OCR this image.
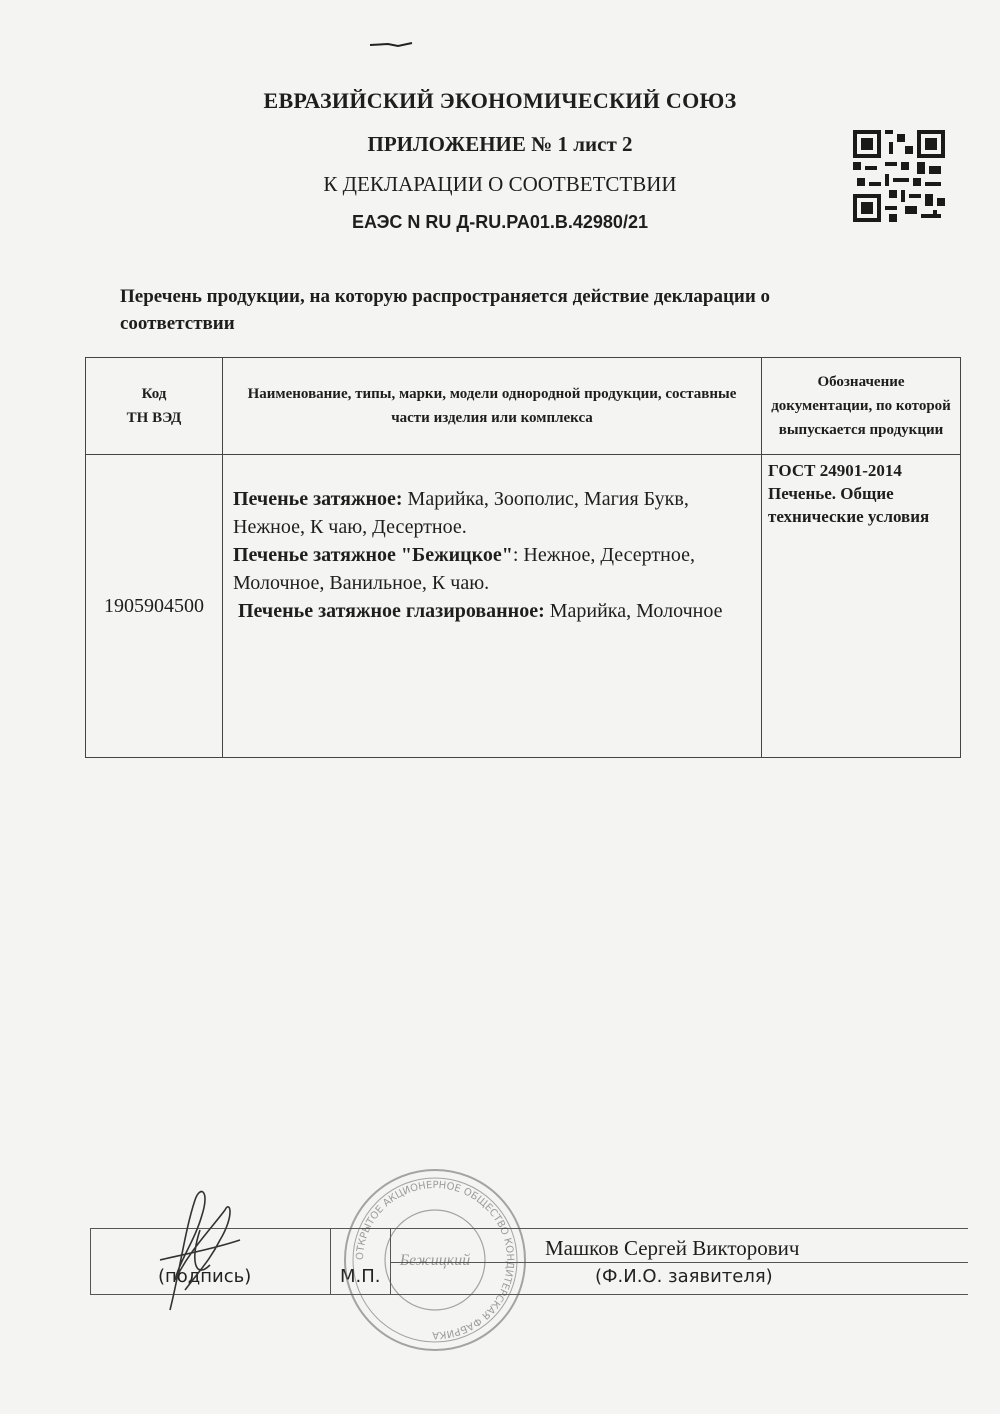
ЕВРАЗИЙСКИЙ ЭКОНОМИЧЕСКИЙ СОЮЗ
ПРИЛОЖЕНИЕ № 1 лист 2
К ДЕКЛАРАЦИИ О СООТВЕТСТВИИ
ЕАЭС N RU Д-RU.PA01.B.42980/21
Перечень продукции, на которую распространяется действие декларации о соответствии
Код
ТН ВЭД	Наименование, типы, марки, модели однородной продукции, составные части изделия или комплекса	Обозначение документации, по которой выпускается продукции
1905904500	Печенье затяжное: Марийка, Зоополис, Магия Букв, Нежное, К чаю, Десертное.
Печенье затяжное "Бежицкое": Нежное, Десертное, Молочное, Ванильное, К чаю.
Печенье затяжное глазированное: Марийка, Молочное	ГОСТ 24901-2014 Печенье. Общие технические условия
(подпись)	М.П.
Машков Сергей Викторович
(Ф.И.О. заявителя)
ОТКРЫТОЕ АКЦИОНЕРНОЕ ОБЩЕСТВО КОНДИТЕРСКАЯ ФАБРИКА
Бежицкий
